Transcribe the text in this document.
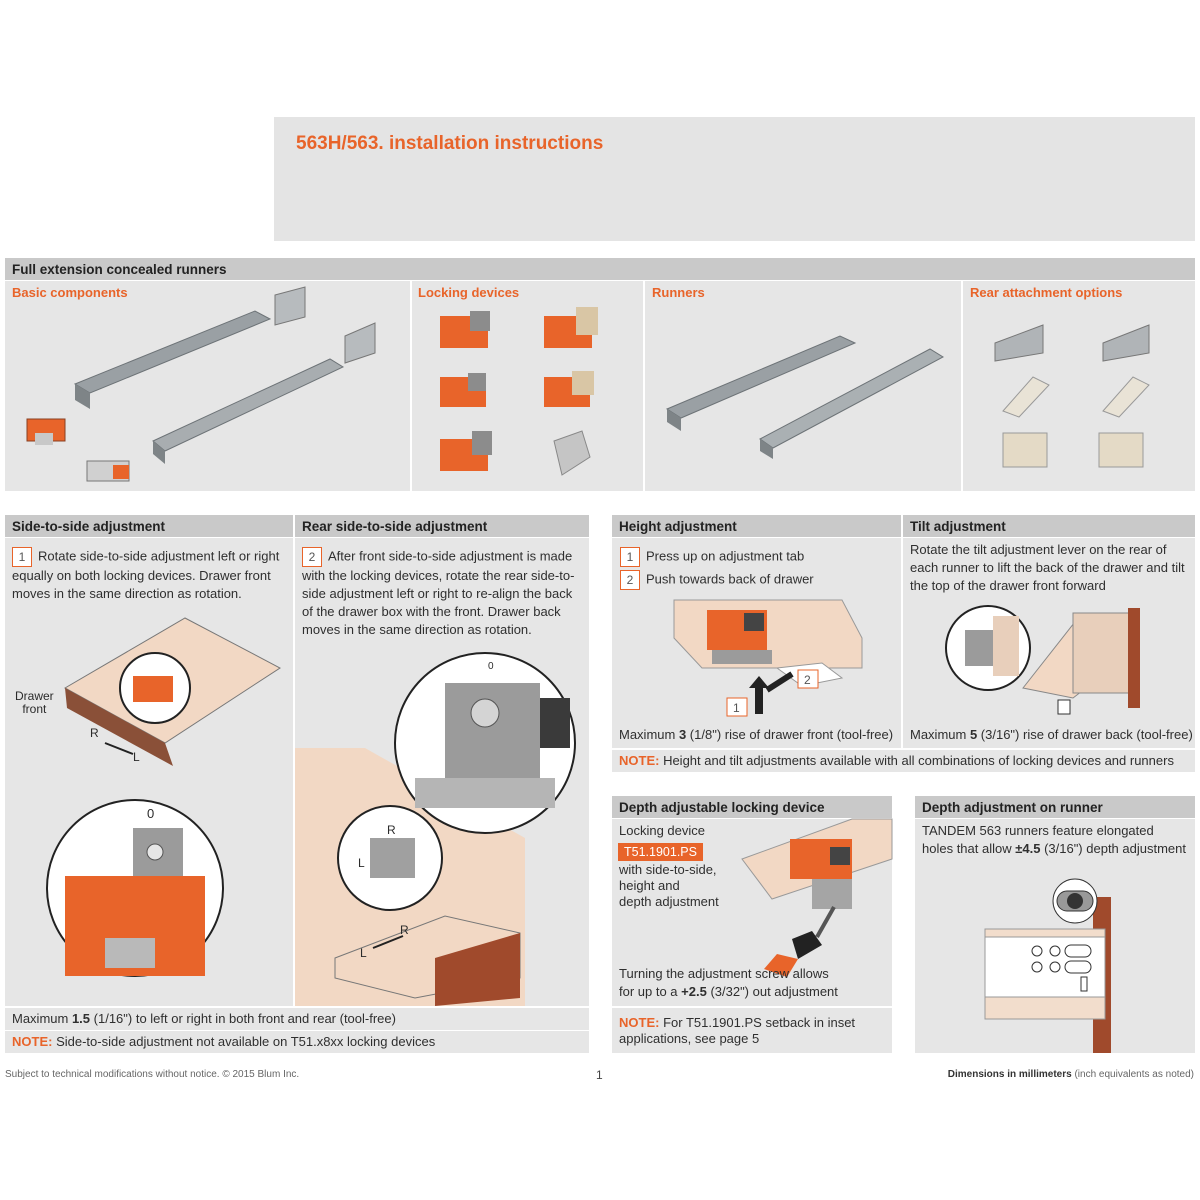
563H/563. installation instructions
Full extension concealed runners
Basic components	Locking devices	Runners	Rear attachment options
Side-to-side adjustment	Rear side-to-side adjustment
1 Rotate side-to-side adjustment left or right equally on both locking devices. Drawer front moves in the same direction as rotation.
Drawer
front
R
L
0
2 After front side-to-side adjustment is made with the locking devices, rotate the rear side-to-side adjustment left or right to re-align the back of the drawer box with the front. Drawer back moves in the same direction as rotation.
0
R
L
R
L
Maximum 1.5 (1/16") to left or right in both front and rear (tool-free)
NOTE: Side-to-side adjustment not available on T51.x8xx locking devices
Height adjustment	Tilt adjustment
1 Press up on adjustment tab
2 Push towards back of drawer
1
2
Maximum 3 (1/8") rise of drawer front (tool-free)
Rotate the tilt adjustment lever on the rear of each runner to lift the back of the drawer and tilt the top of the drawer front forward
Maximum 5 (3/16") rise of drawer back (tool-free)
NOTE: Height and tilt adjustments available with all combinations of locking devices and runners
Depth adjustable locking device
Locking device
T51.1901.PS
with side-to-side,
height and
depth adjustment
Turning the adjustment screw allows
for up to a +2.5 (3/32") out adjustment
NOTE: For T51.1901.PS setback in inset
applications, see page 5
Depth adjustment on runner
TANDEM 563 runners feature elongated
holes that allow ±4.5 (3/16") depth adjustment
Subject to technical modifications without notice. © 2015 Blum Inc.	1	Dimensions in millimeters (inch equivalents as noted)
